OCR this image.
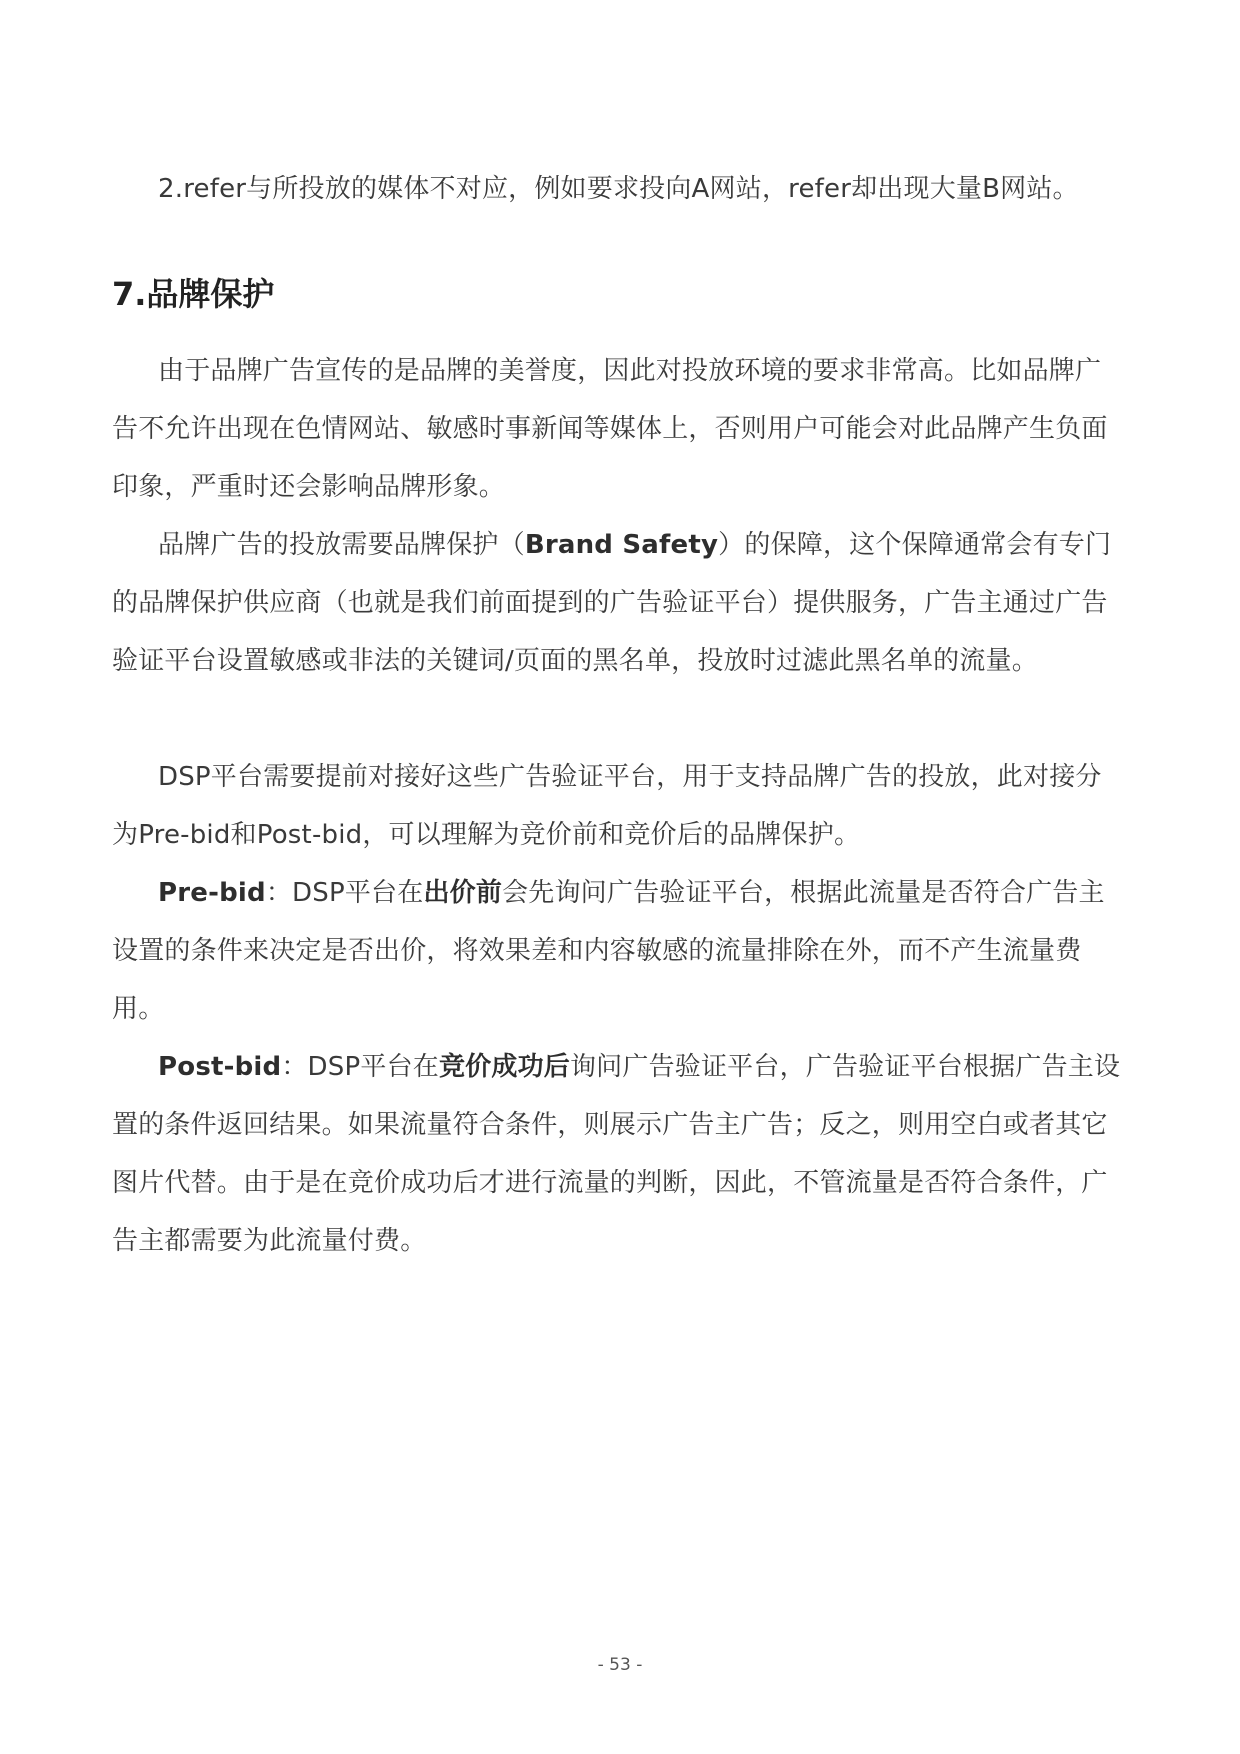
2.refer与所投放的媒体不对应，例如要求投向A网站，refer却出现大量B网站。

7.品牌保护

由于品牌广告宣传的是品牌的美誉度，因此对投放环境的要求非常高。比如品牌广告不允许出现在色情网站、敏感时事新闻等媒体上，否则用户可能会对此品牌产生负面印象，严重时还会影响品牌形象。

品牌广告的投放需要品牌保护（Brand Safety）的保障，这个保障通常会有专门的品牌保护供应商（也就是我们前面提到的广告验证平台）提供服务，广告主通过广告验证平台设置敏感或非法的关键词/页面的黑名单，投放时过滤此黑名单的流量。

DSP平台需要提前对接好这些广告验证平台，用于支持品牌广告的投放，此对接分为Pre-bid和Post-bid，可以理解为竞价前和竞价后的品牌保护。

Pre-bid：DSP平台在出价前会先询问广告验证平台，根据此流量是否符合广告主设置的条件来决定是否出价，将效果差和内容敏感的流量排除在外，而不产生流量费用。

Post-bid：DSP平台在竞价成功后询问广告验证平台，广告验证平台根据广告主设置的条件返回结果。如果流量符合条件，则展示广告主广告；反之，则用空白或者其它图片代替。由于是在竞价成功后才进行流量的判断，因此，不管流量是否符合条件，广告主都需要为此流量付费。

- 53 -
